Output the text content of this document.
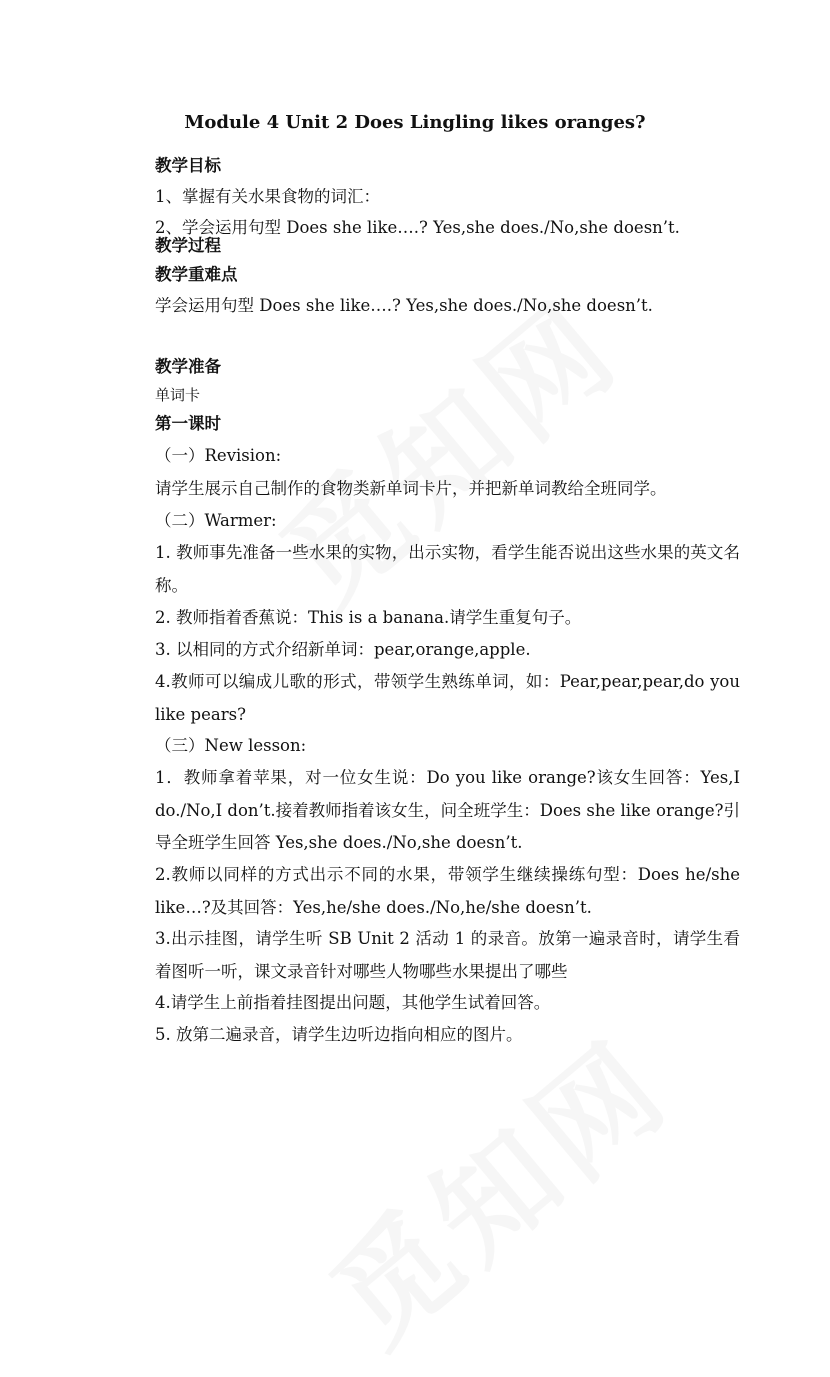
Module 4 Unit 2 Does Lingling likes oranges?
教学目标
1、掌握有关水果食物的词汇：
2、学会运用句型 Does she like….? Yes,she does./No,she doesn’t.
教学过程
教学重难点
学会运用句型 Does she like….? Yes,she does./No,she doesn’t.
教学准备
单词卡
第一课时
（一）Revision:
请学生展示自己制作的食物类新单词卡片，并把新单词教给全班同学。
（二）Warmer:
1. 教师事先准备一些水果的实物，出示实物，看学生能否说出这些水果的英文名称。
2. 教师指着香蕉说：This is a banana.请学生重复句子。
3. 以相同的方式介绍新单词：pear,orange,apple.
4.教师可以编成儿歌的形式，带领学生熟练单词，如：Pear,pear,pear,do you like pears?
（三）New lesson:
1．教师拿着苹果，对一位女生说：Do you like orange?该女生回答：Yes,I do./No,I don’t.接着教师指着该女生，问全班学生：Does she like orange?引导全班学生回答 Yes,she does./No,she doesn’t.
2.教师以同样的方式出示不同的水果，带领学生继续操练句型：Does he/she like…?及其回答：Yes,he/she does./No,he/she doesn’t.
3.出示挂图，请学生听 SB Unit 2 活动 1 的录音。放第一遍录音时，请学生看着图听一听，课文录音针对哪些人物哪些水果提出了哪些
4.请学生上前指着挂图提出问题，其他学生试着回答。
5. 放第二遍录音，请学生边听边指向相应的图片。
